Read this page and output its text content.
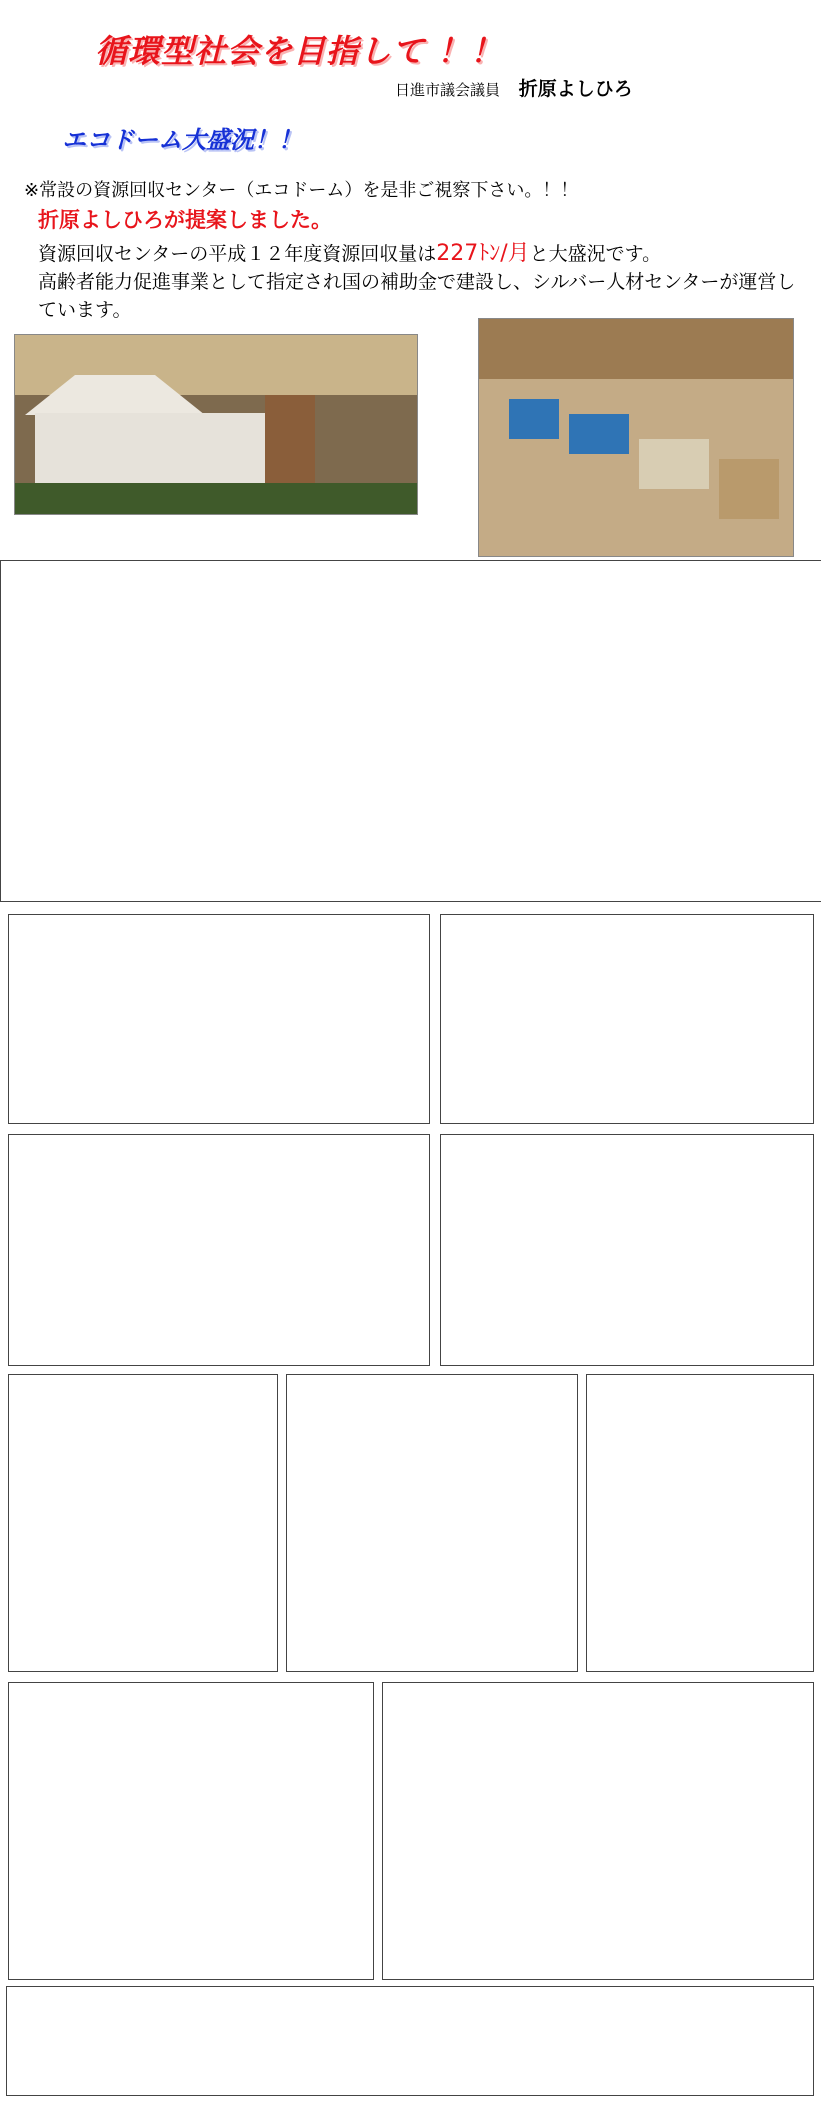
循環型社会を目指して ！！
日進市議会議員 折原よしひろ
エコドーム大盛況！！
※常設の資源回収センター（エコドーム）を是非ご視察下さい。！！
折原よしひろが提案しました。
資源回収センターの平成１２年度資源回収量は227ﾄﾝ/月と大盛況です。
高齢者能力促進事業として指定され国の補助金で建設し、シルバー人材センターが運営しています。
